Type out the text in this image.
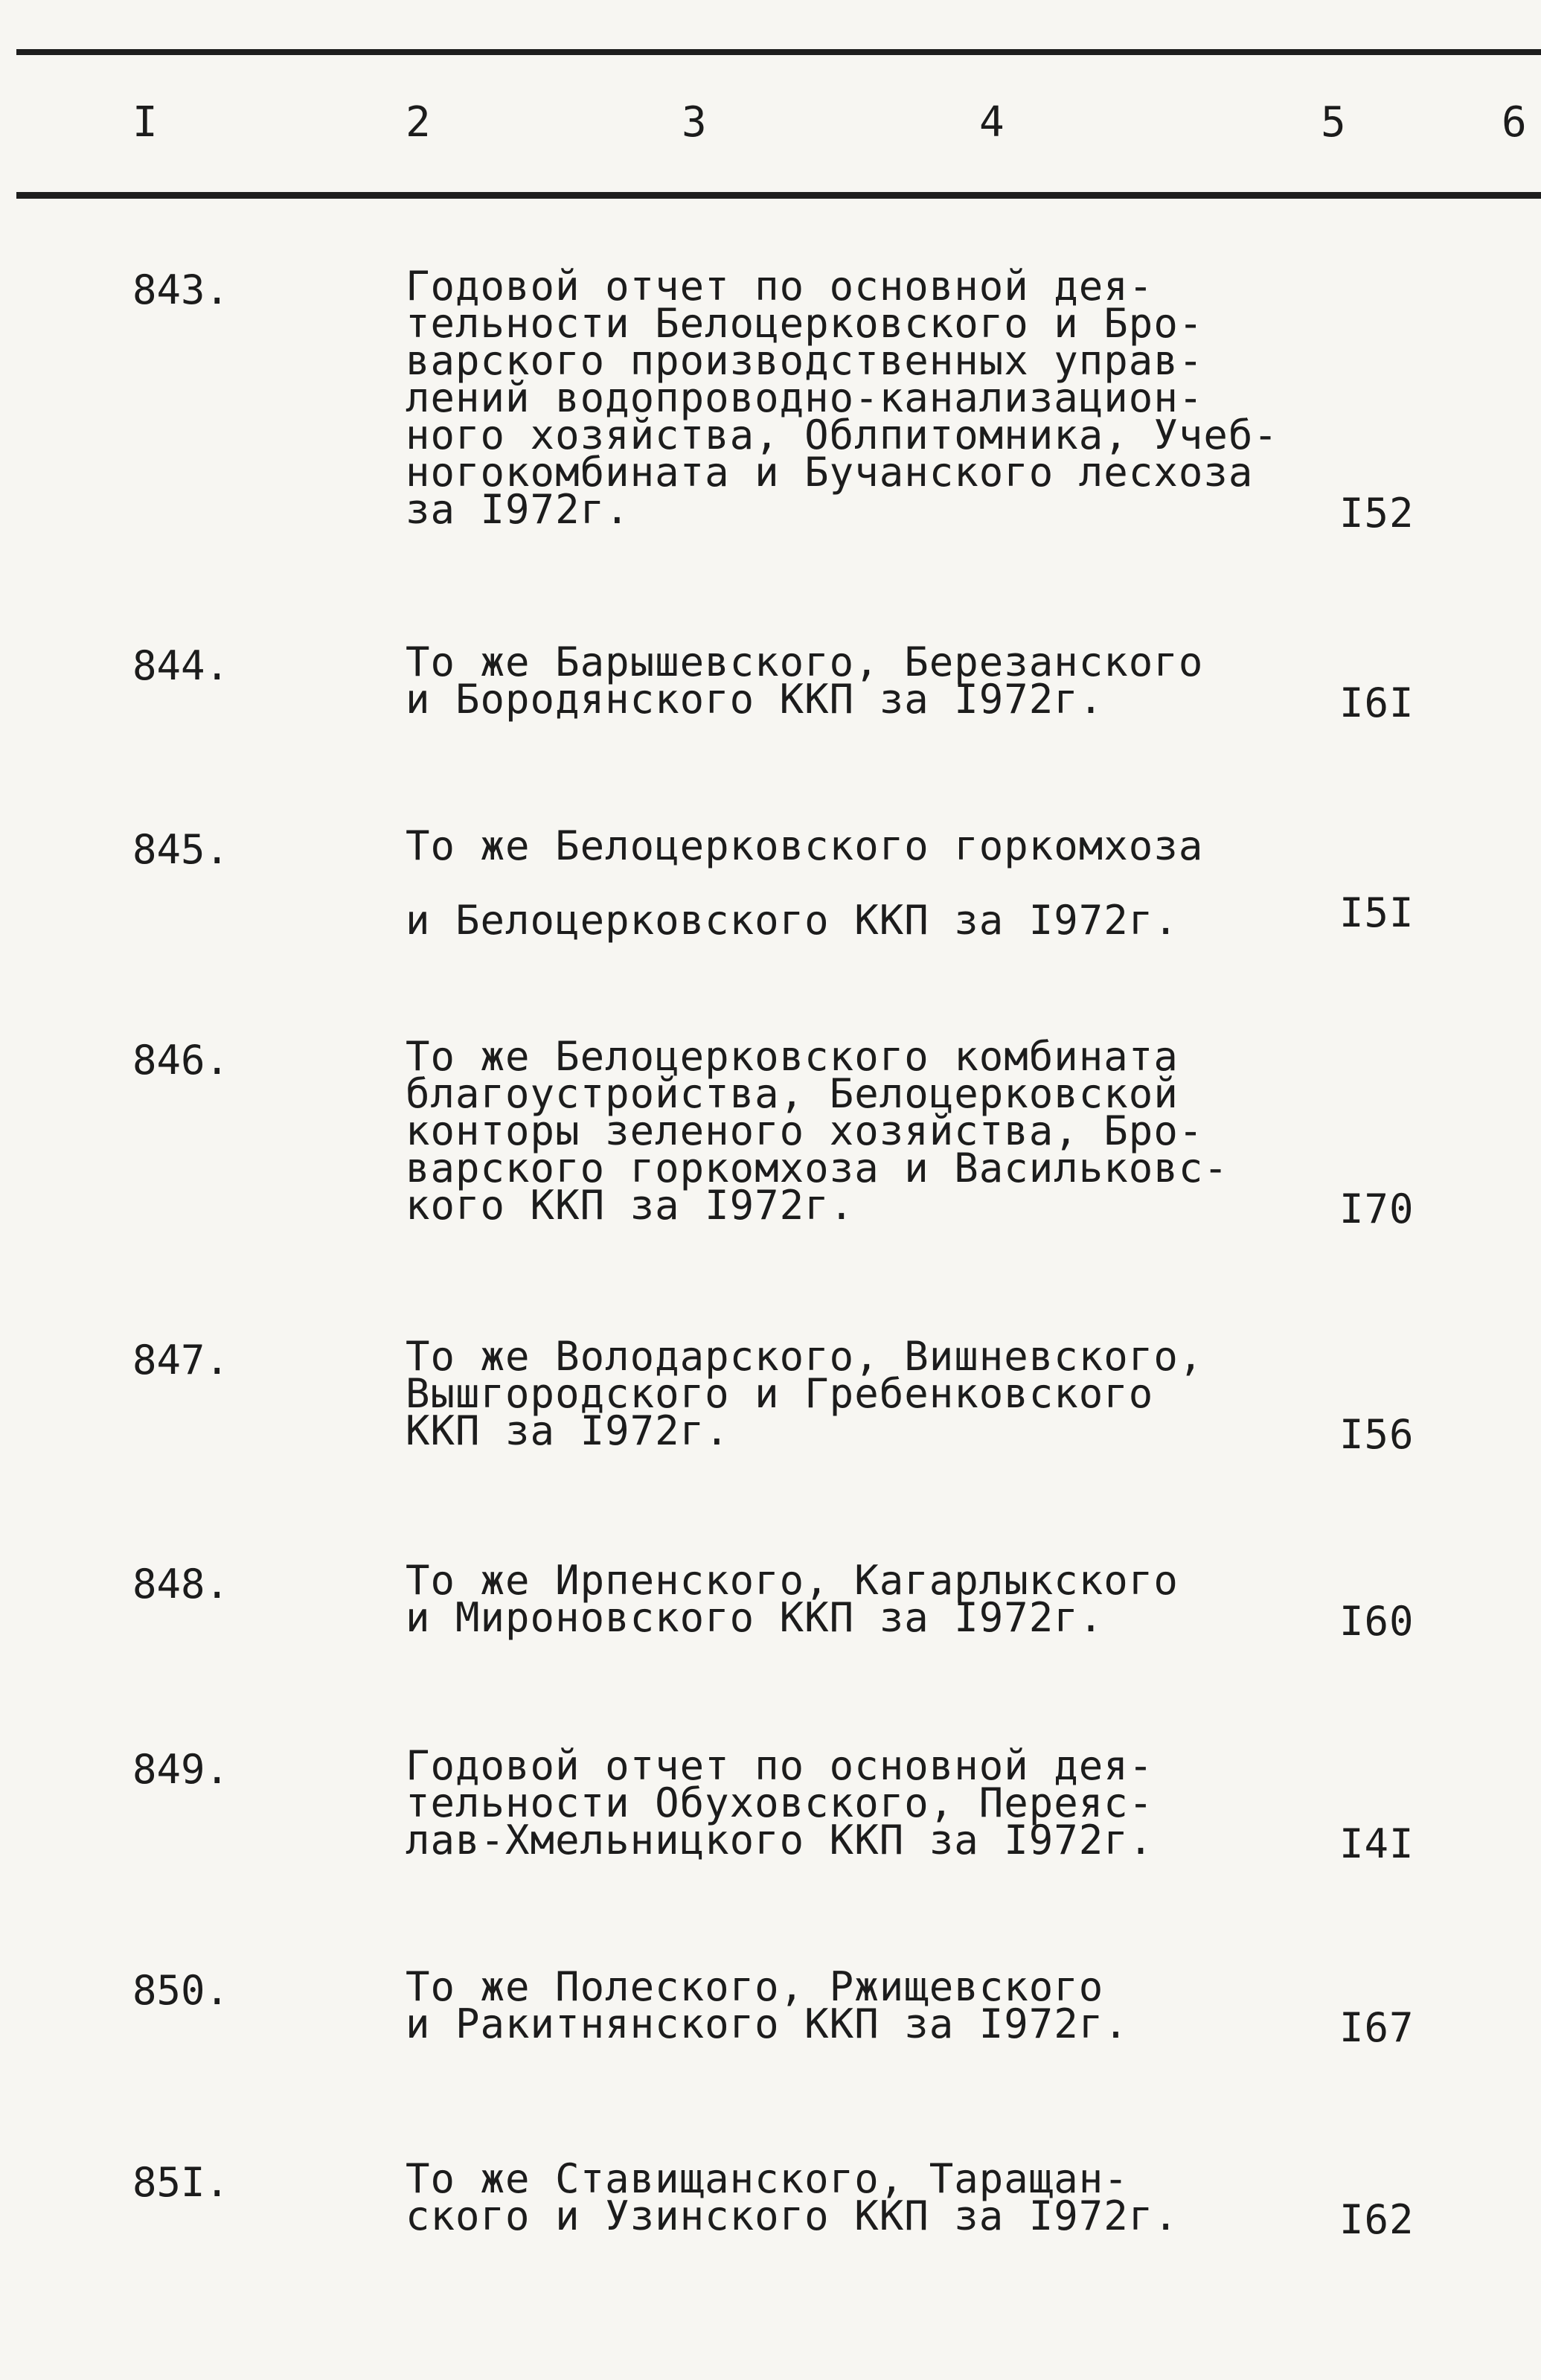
I	2	3	4	5	6
843.	Годовой отчет по основной дея-
тельности Белоцерковского и Бро-
варского производственных управ-
лений водопроводно-канализацион-
ного хозяйства, Облпитомника, Учеб-
ногокомбината и Бучанского лесхоза
за I972г.	I52
844.	То же Барышевского, Березанского
и Бородянского ККП за I972г.	I6I
845.	То же Белоцерковского горкомхоза
и Белоцерковского ККП за I972г.	I5I
846.	То же Белоцерковского комбината
благоустройства, Белоцерковской
конторы зеленого хозяйства, Бро-
варского горкомхоза и Васильковс-
кого ККП за I972г.	I70
847.	То же Володарского, Вишневского,
Вышгородского и Гребенковского
ККП за I972г.	I56
848.	То же Ирпенского, Кагарлыкского
и Мироновского ККП за I972г.	I60
849.	Годовой отчет по основной дея-
тельности Обуховского, Переяс-
лав-Хмельницкого ККП за I972г.	I4I
850.	То же Полеского, Ржищевского
и Ракитнянского ККП за I972г.	I67
85I.	То же Ставищанского, Таращан-
ского и Узинского ККП за I972г.	I62
